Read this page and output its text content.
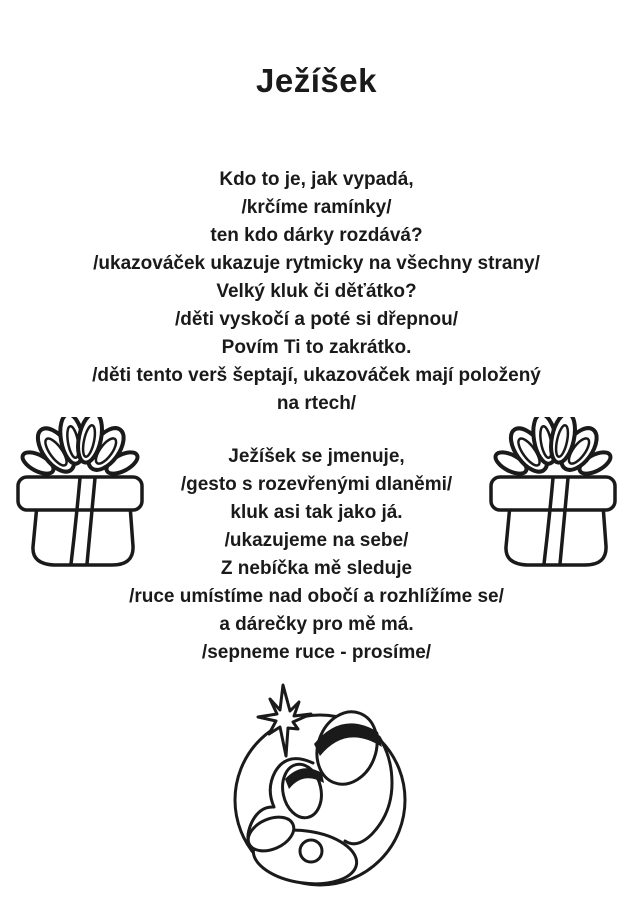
Ježíšek
Kdo to je, jak vypadá,
/krčíme ramínky/
ten kdo dárky rozdává?
/ukazováček ukazuje rytmicky na všechny strany/
Velký kluk či děťátko?
/děti vyskočí a poté si dřepnou/
Povím Ti to zakrátko.
/děti tento verš šeptají, ukazováček mají položený
na rtech/
Ježíšek se jmenuje,
/gesto s rozevřenými dlaněmi/
kluk asi tak jako já.
/ukazujeme na sebe/
Z nebíčka mě sleduje
/ruce umístíme nad obočí a rozhlížíme se/
a dárečky pro mě má.
/sepneme ruce - prosíme/
